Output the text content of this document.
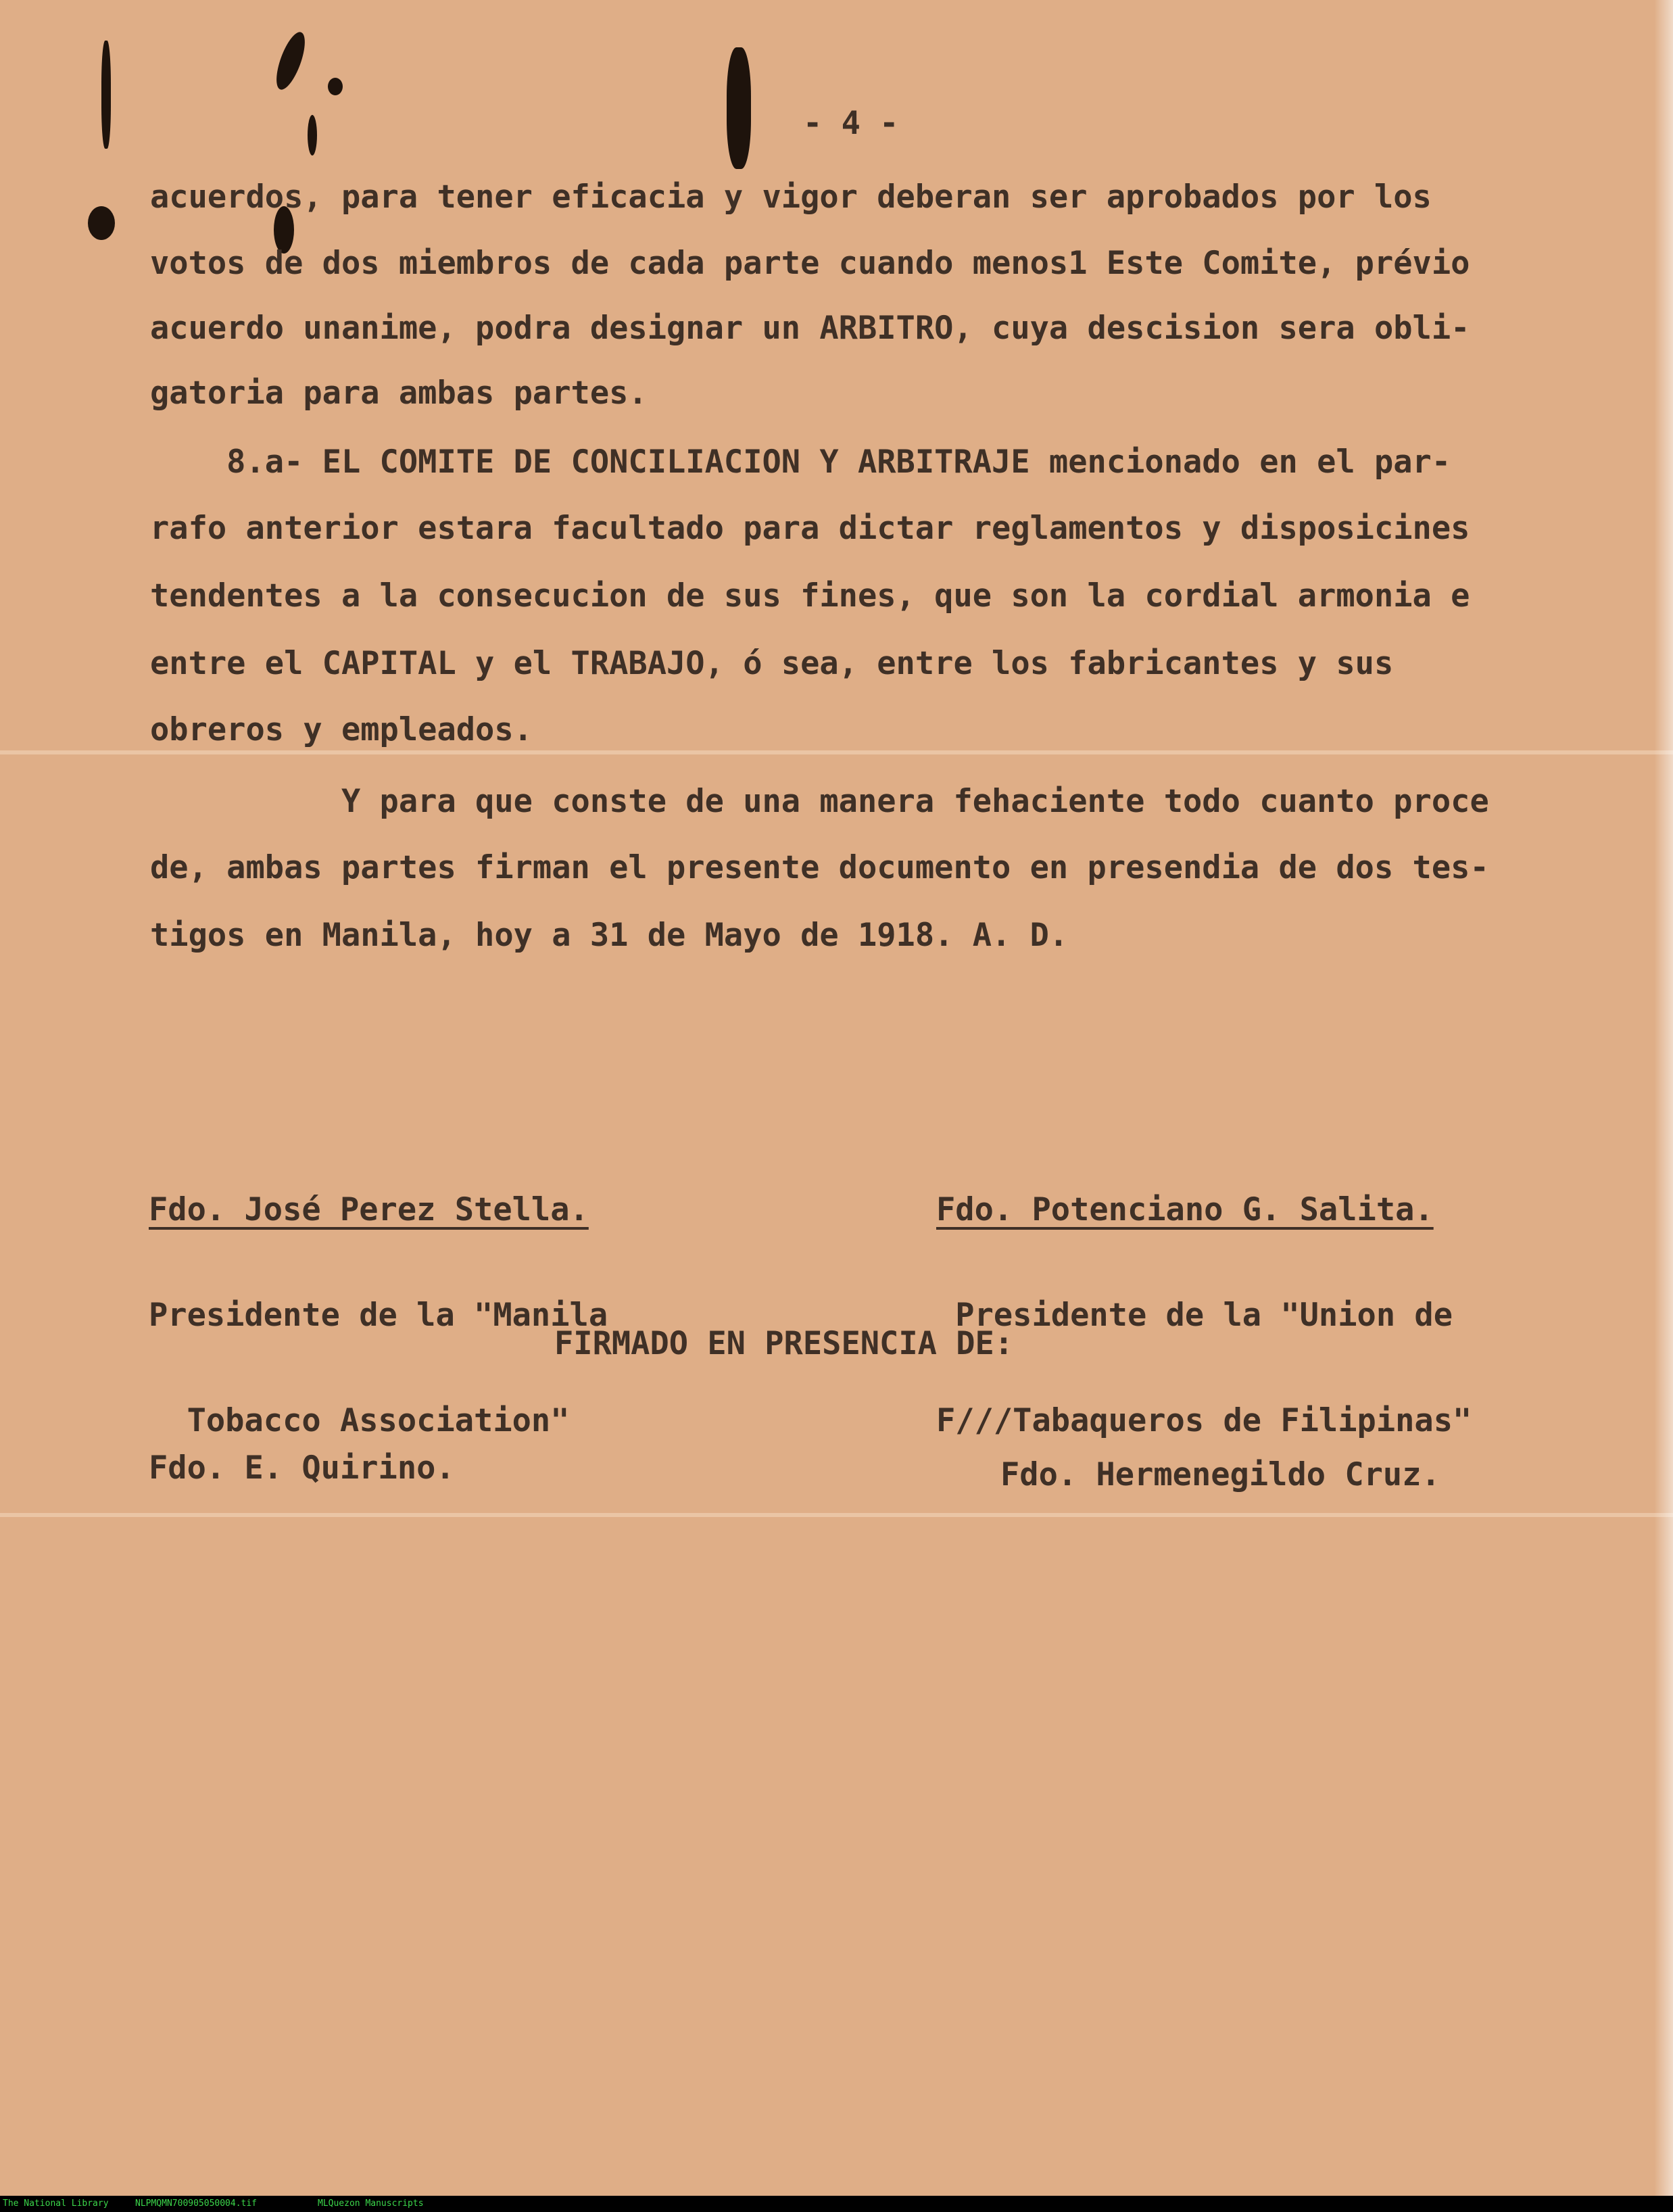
- 4 -
acuerdos, para tener eficacia y vigor deberan ser aprobados por los
votos de dos miembros de cada parte cuando menos1 Este Comite, prévio
acuerdo unanime, podra designar un ARBITRO, cuya descision sera obli-
gatoria para ambas partes.
8.a- EL COMITE DE CONCILIACION Y ARBITRAJE mencionado en el par-
rafo anterior estara facultado para dictar reglamentos y disposicines
tendentes a la consecucion de sus fines, que son la cordial armonia e
entre el CAPITAL y el TRABAJO, ó sea, entre los fabricantes y sus
obreros y empleados.
Y para que conste de una manera fehaciente todo cuanto proce
de, ambas partes firman el presente documento en presendia de dos tes-
tigos en Manila, hoy a 31 de Mayo de 1918. A. D.

Fdo. José Perez Stella.

Presidente de la "Manila

Tobacco Association"

Fdo. Potenciano G. Salita.

Presidente de la "Union de

F///Tabaqueros de Filipinas"

FIRMADO EN PRESENCIA DE:
Fdo. E. Quirino.	Fdo. Hermenegildo Cruz.
The National Library	NLPMQMN700905050004.tif	MLQuezon Manuscripts
